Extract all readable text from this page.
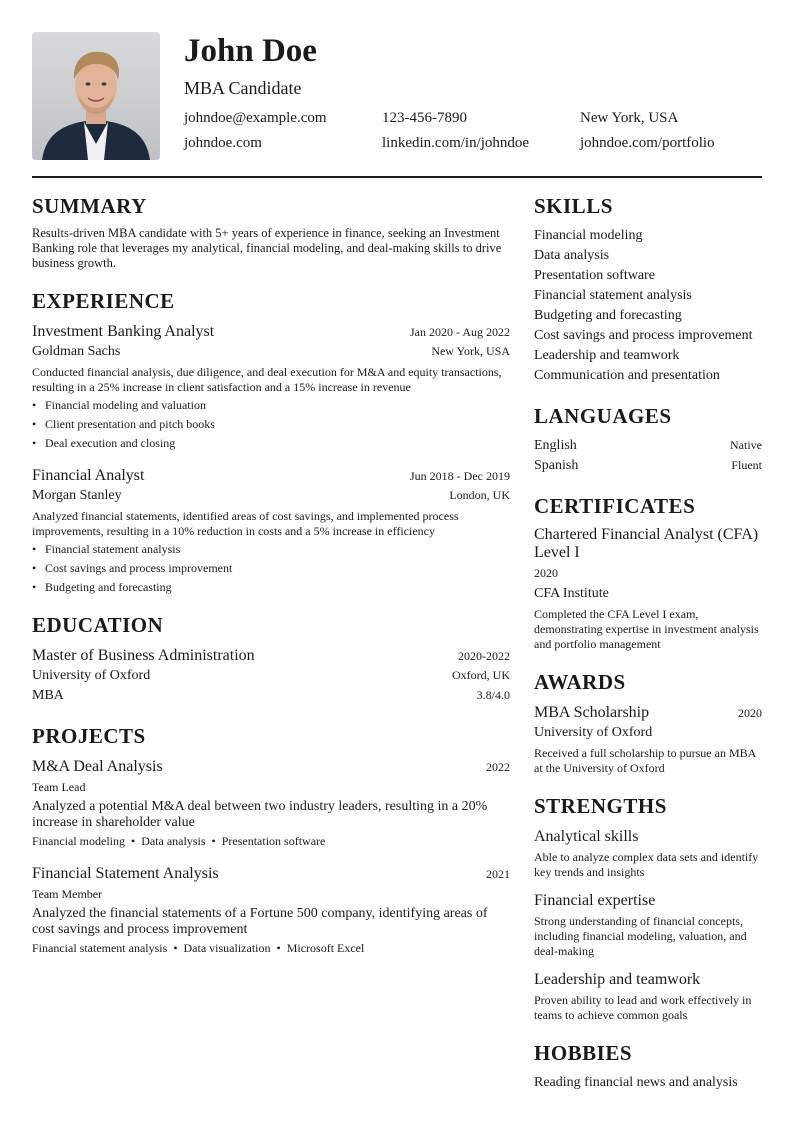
John Doe
MBA Candidate
johndoe@example.com	123-456-7890	New York, USA
johndoe.com	linkedin.com/in/johndoe	johndoe.com/portfolio
SUMMARY
Results-driven MBA candidate with 5+ years of experience in finance, seeking an Investment Banking role that leverages my analytical, financial modeling, and deal-making skills to drive business growth.
EXPERIENCE
Investment Banking Analyst	Jan 2020 - Aug 2022
Goldman Sachs	New York, USA
Conducted financial analysis, due diligence, and deal execution for M&A and equity transactions, resulting in a 25% increase in client satisfaction and a 15% increase in revenue
• Financial modeling and valuation
• Client presentation and pitch books
• Deal execution and closing
Financial Analyst	Jun 2018 - Dec 2019
Morgan Stanley	London, UK
Analyzed financial statements, identified areas of cost savings, and implemented process improvements, resulting in a 10% reduction in costs and a 5% increase in efficiency
• Financial statement analysis
• Cost savings and process improvement
• Budgeting and forecasting
EDUCATION
Master of Business Administration	2020-2022
University of Oxford	Oxford, UK
MBA	3.8/4.0
PROJECTS
M&A Deal Analysis	2022
Team Lead
Analyzed a potential M&A deal between two industry leaders, resulting in a 20% increase in shareholder value
Financial modeling • Data analysis • Presentation software
Financial Statement Analysis	2021
Team Member
Analyzed the financial statements of a Fortune 500 company, identifying areas of cost savings and process improvement
Financial statement analysis • Data visualization • Microsoft Excel
SKILLS
Financial modeling
Data analysis
Presentation software
Financial statement analysis
Budgeting and forecasting
Cost savings and process improvement
Leadership and teamwork
Communication and presentation
LANGUAGES
English	Native
Spanish	Fluent
CERTIFICATES
Chartered Financial Analyst (CFA) Level I
2020
CFA Institute
Completed the CFA Level I exam, demonstrating expertise in investment analysis and portfolio management
AWARDS
MBA Scholarship	2020
University of Oxford
Received a full scholarship to pursue an MBA at the University of Oxford
STRENGTHS
Analytical skills
Able to analyze complex data sets and identify key trends and insights
Financial expertise
Strong understanding of financial concepts, including financial modeling, valuation, and deal-making
Leadership and teamwork
Proven ability to lead and work effectively in teams to achieve common goals
HOBBIES
Reading financial news and analysis
